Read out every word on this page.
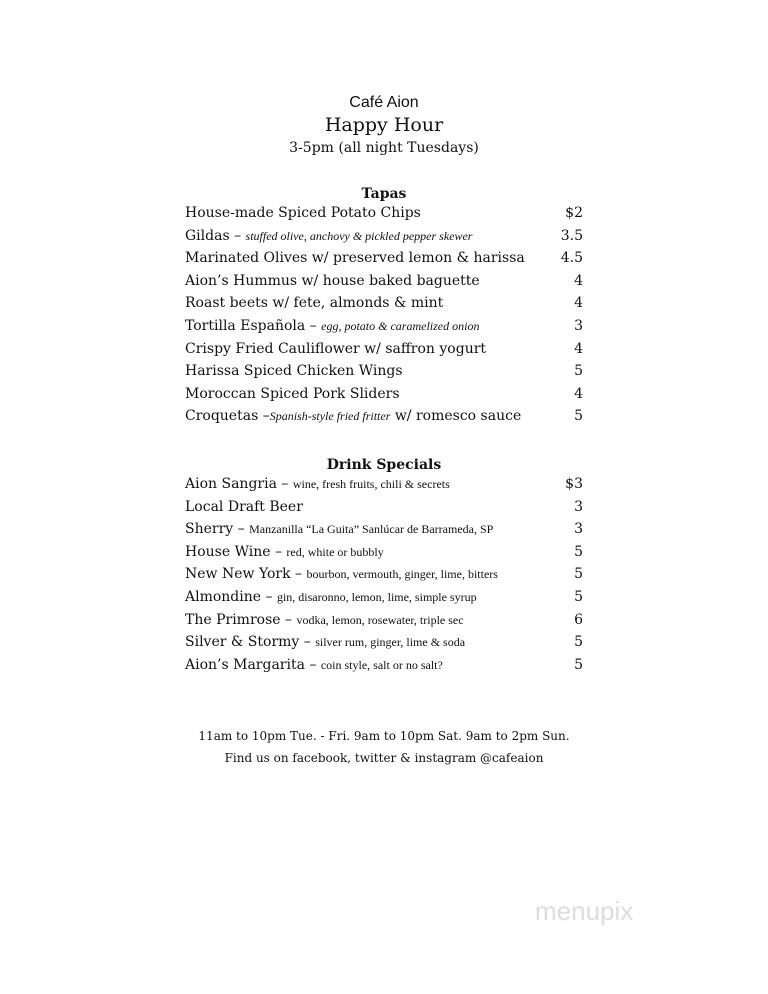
Café Aion
Happy Hour
3-5pm (all night Tuesdays)
Tapas
House-made Spiced Potato Chips	$2
Gildas – stuffed olive, anchovy & pickled pepper skewer	3.5
Marinated Olives w/ preserved lemon & harissa	4.5
Aion’s Hummus w/ house baked baguette	4
Roast beets w/ fete, almonds & mint	4
Tortilla Española – egg, potato & caramelized onion	3
Crispy Fried Cauliflower w/ saffron yogurt	4
Harissa Spiced Chicken Wings	5
Moroccan Spiced Pork Sliders	4
Croquetas –Spanish-style fried fritter w/ romesco sauce	5
Drink Specials
Aion Sangria – wine, fresh fruits, chili & secrets	$3
Local Draft Beer	3
Sherry – Manzanilla “La Guita” Sanlúcar de Barrameda, SP	3
House Wine – red, white or bubbly	5
New New York – bourbon, vermouth, ginger, lime, bitters	5
Almondine – gin, disaronno, lemon, lime, simple syrup	5
The Primrose – vodka, lemon, rosewater, triple sec	6
Silver & Stormy – silver rum, ginger, lime & soda	5
Aion’s Margarita – coin style, salt or no salt?	5
11am to 10pm Tue. - Fri. 9am to 10pm Sat. 9am to 2pm Sun.
Find us on facebook, twitter & instagram @cafeaion
menupix
